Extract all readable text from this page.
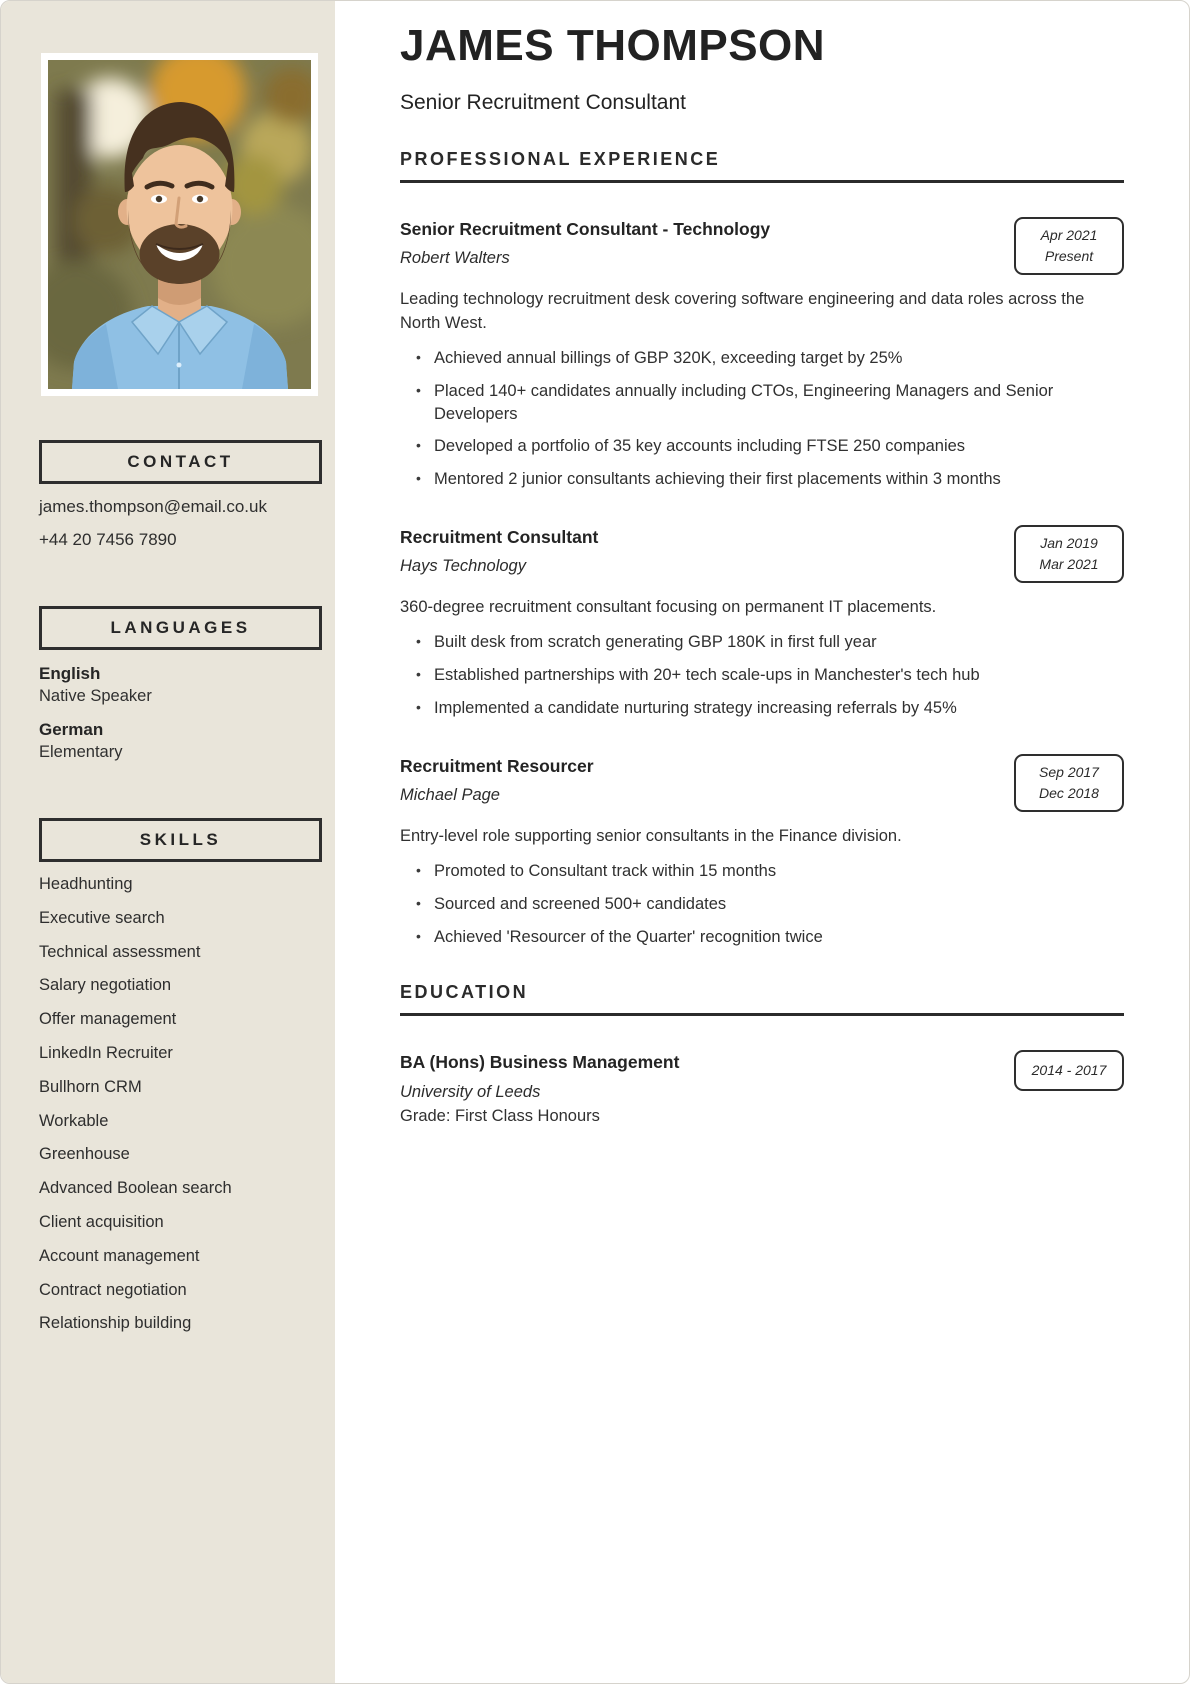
CONTACT
james.thompson@email.co.uk
+44 20 7456 7890
LANGUAGES
English
Native Speaker
German
Elementary
SKILLS
Headhunting
Executive search
Technical assessment
Salary negotiation
Offer management
LinkedIn Recruiter
Bullhorn CRM
Workable
Greenhouse
Advanced Boolean search
Client acquisition
Account management
Contract negotiation
Relationship building
JAMES THOMPSON
Senior Recruitment Consultant
PROFESSIONAL EXPERIENCE
Senior Recruitment Consultant - Technology
Robert Walters
Apr 2021
Present

Leading technology recruitment desk covering software engineering and data roles across the North West.

• Achieved annual billings of GBP 320K, exceeding target by 25%
• Placed 140+ candidates annually including CTOs, Engineering Managers and Senior Developers
• Developed a portfolio of 35 key accounts including FTSE 250 companies
• Mentored 2 junior consultants achieving their first placements within 3 months
Recruitment Consultant
Hays Technology
Jan 2019
Mar 2021

360-degree recruitment consultant focusing on permanent IT placements.

• Built desk from scratch generating GBP 180K in first full year
• Established partnerships with 20+ tech scale-ups in Manchester's tech hub
• Implemented a candidate nurturing strategy increasing referrals by 45%
Recruitment Resourcer
Michael Page
Sep 2017
Dec 2018

Entry-level role supporting senior consultants in the Finance division.

• Promoted to Consultant track within 15 months
• Sourced and screened 500+ candidates
• Achieved 'Resourcer of the Quarter' recognition twice
EDUCATION
BA (Hons) Business Management
University of Leeds
Grade: First Class Honours
2014 - 2017
